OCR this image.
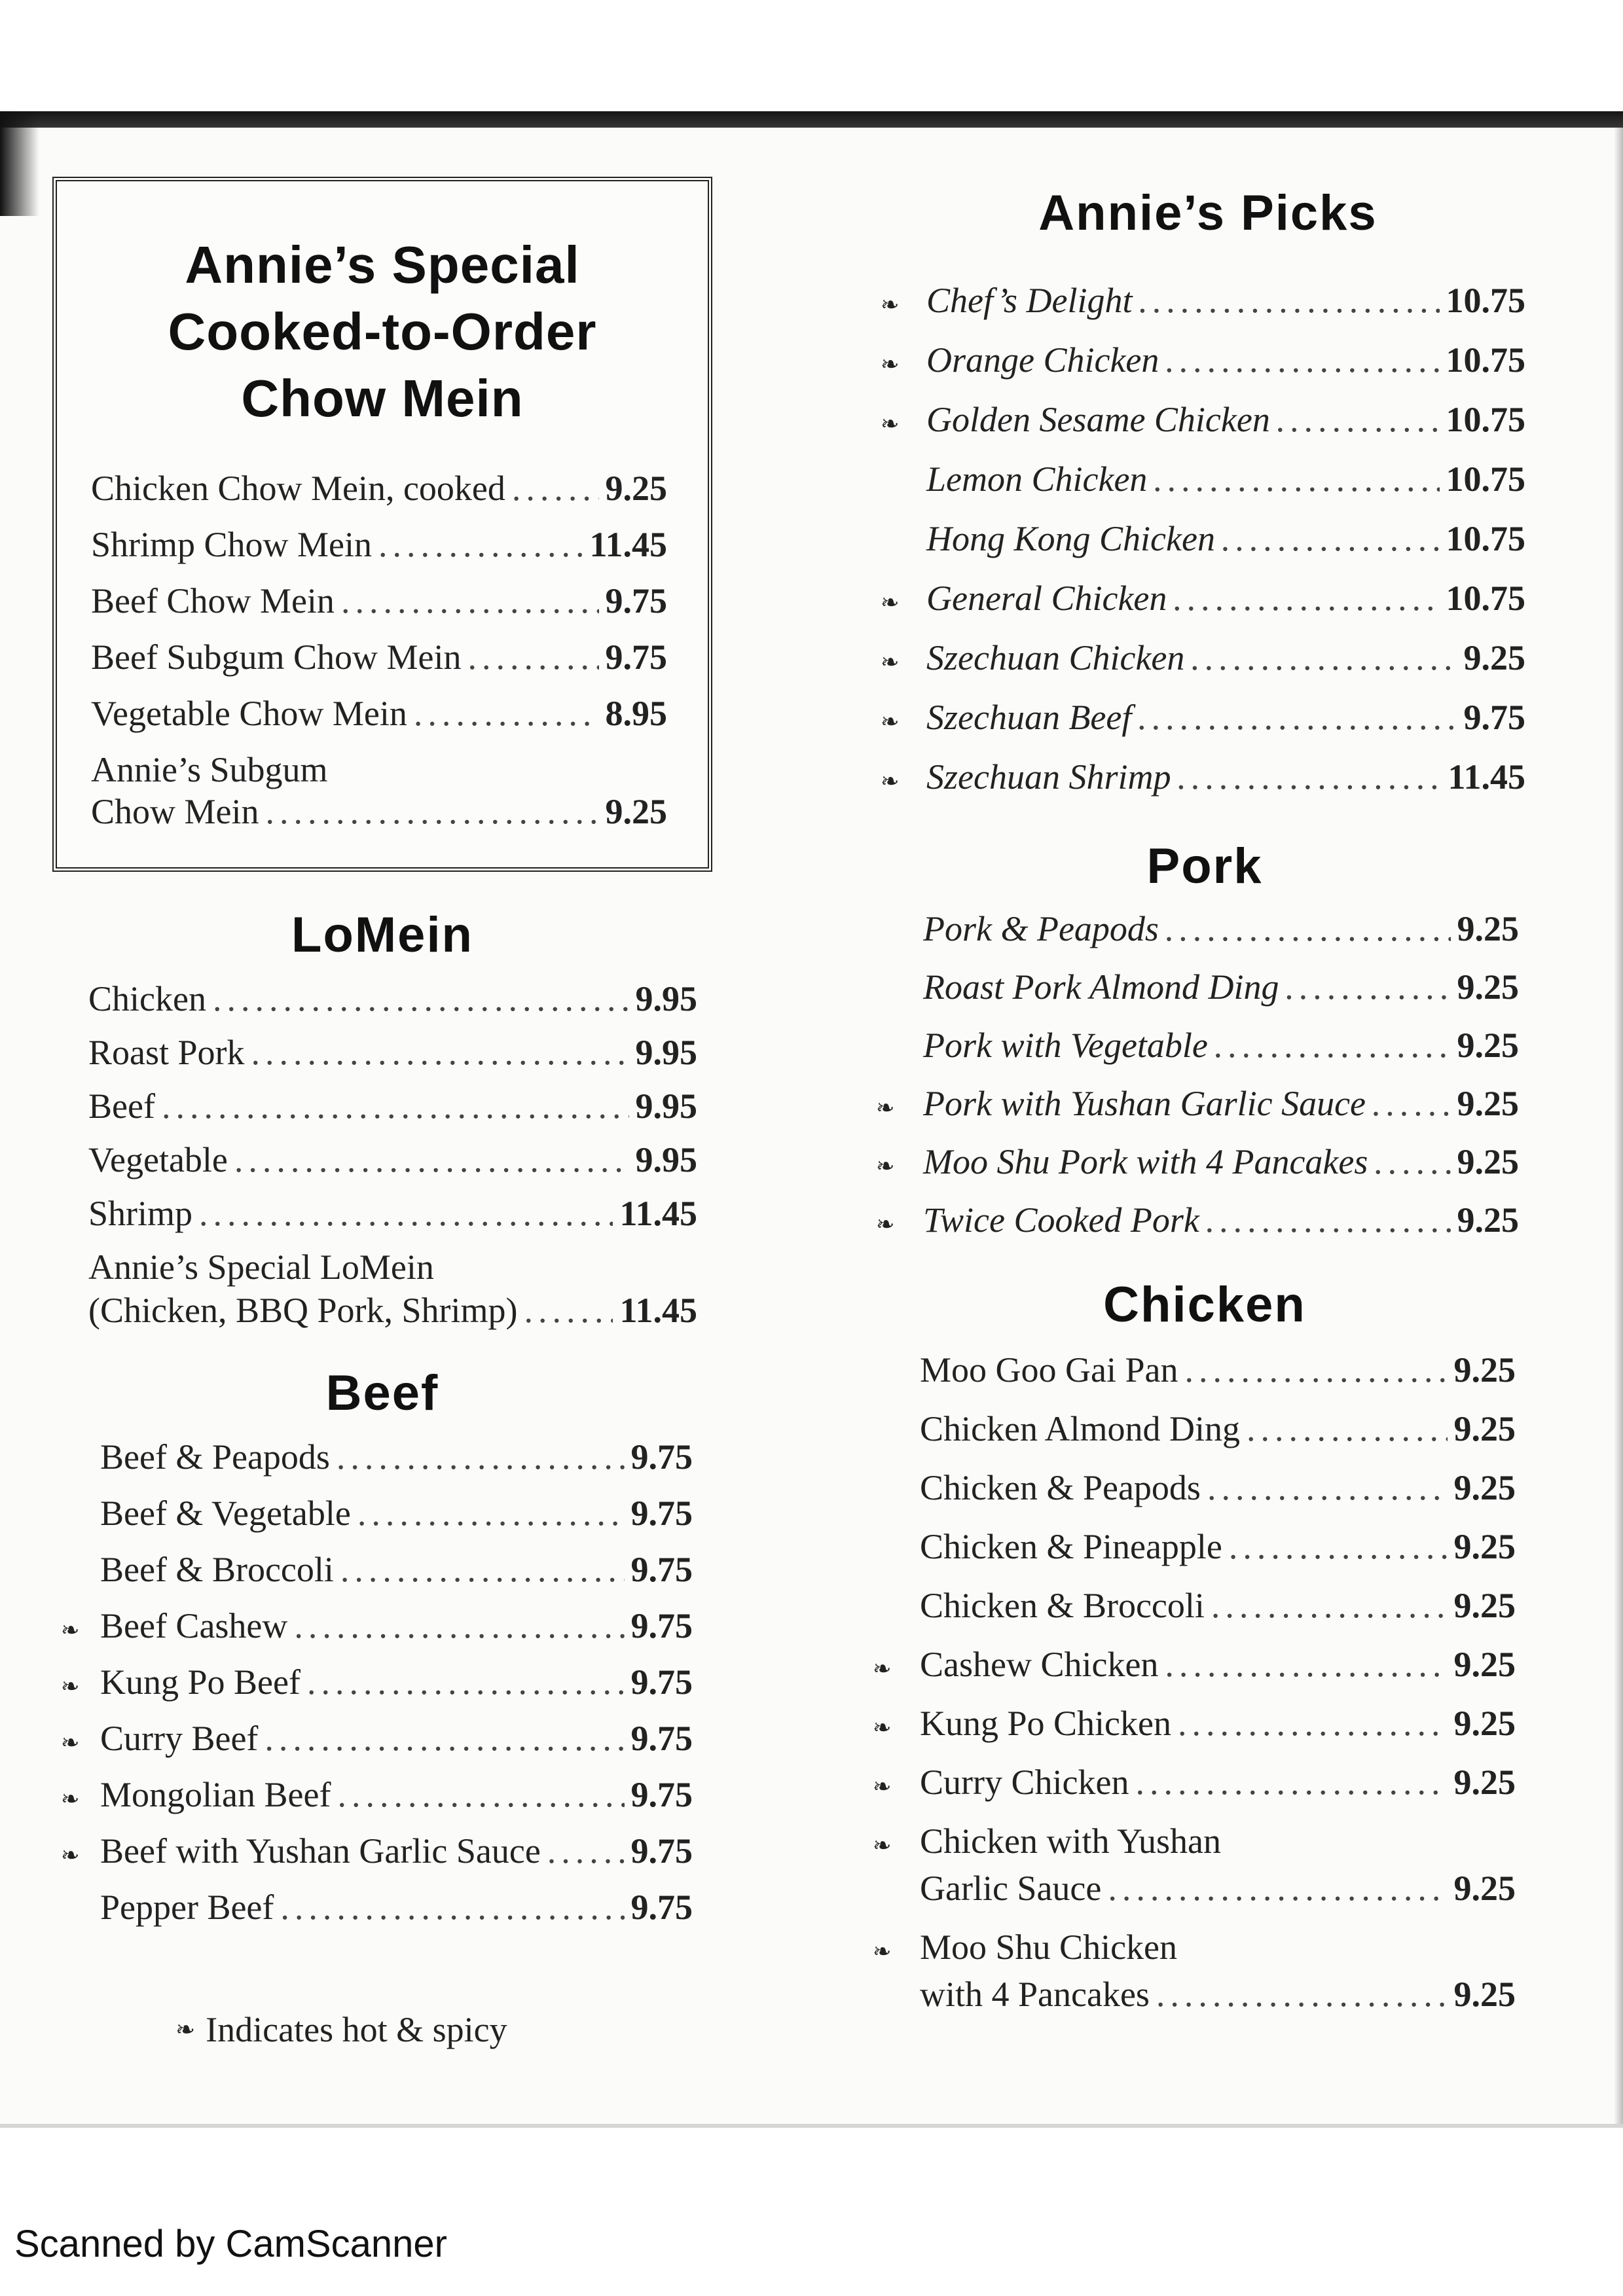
Annie’s Special
Cooked-to-Order
Chow Mein
Chicken Chow Mein, cooked .....	9.25
Shrimp Chow Mein .....	11.45
Beef Chow Mein .....	9.75
Beef Subgum Chow Mein .....	9.75
Vegetable Chow Mein .....	8.95
Annie’s Subgum
Chow Mein .....	9.25
LoMein
Chicken .....	9.95
Roast Pork .....	9.95
Beef .....	9.95
Vegetable .....	9.95
Shrimp .....	11.45
Annie’s Special LoMein
(Chicken, BBQ Pork, Shrimp) .....	11.45
Beef
Beef & Peapods .....	9.75
Beef & Vegetable .....	9.75
Beef & Broccoli .....	9.75
❧ Beef Cashew .....	9.75
❧ Kung Po Beef .....	9.75
❧ Curry Beef .....	9.75
❧ Mongolian Beef .....	9.75
❧ Beef with Yushan Garlic Sauce .....	9.75
Pepper Beef .....	9.75
❧ Indicates hot & spicy
Annie’s Picks
❧ Chef’s Delight .....	10.75
❧ Orange Chicken .....	10.75
❧ Golden Sesame Chicken .....	10.75
Lemon Chicken .....	10.75
Hong Kong Chicken .....	10.75
❧ General Chicken .....	10.75
❧ Szechuan Chicken .....	9.25
❧ Szechuan Beef .....	9.75
❧ Szechuan Shrimp .....	11.45
Pork
Pork & Peapods .....	9.25
Roast Pork Almond Ding .....	9.25
Pork with Vegetable .....	9.25
❧ Pork with Yushan Garlic Sauce .....	9.25
❧ Moo Shu Pork with 4 Pancakes .....	9.25
❧ Twice Cooked Pork .....	9.25
Chicken
Moo Goo Gai Pan .....	9.25
Chicken Almond Ding .....	9.25
Chicken & Peapods .....	9.25
Chicken & Pineapple .....	9.25
Chicken & Broccoli .....	9.25
❧ Cashew Chicken .....	9.25
❧ Kung Po Chicken .....	9.25
❧ Curry Chicken .....	9.25
Chicken with Yushan
❧
Garlic Sauce .....	9.25
Moo Shu Chicken
❧
with 4 Pancakes .....	9.25
Scanned by CamScanner
